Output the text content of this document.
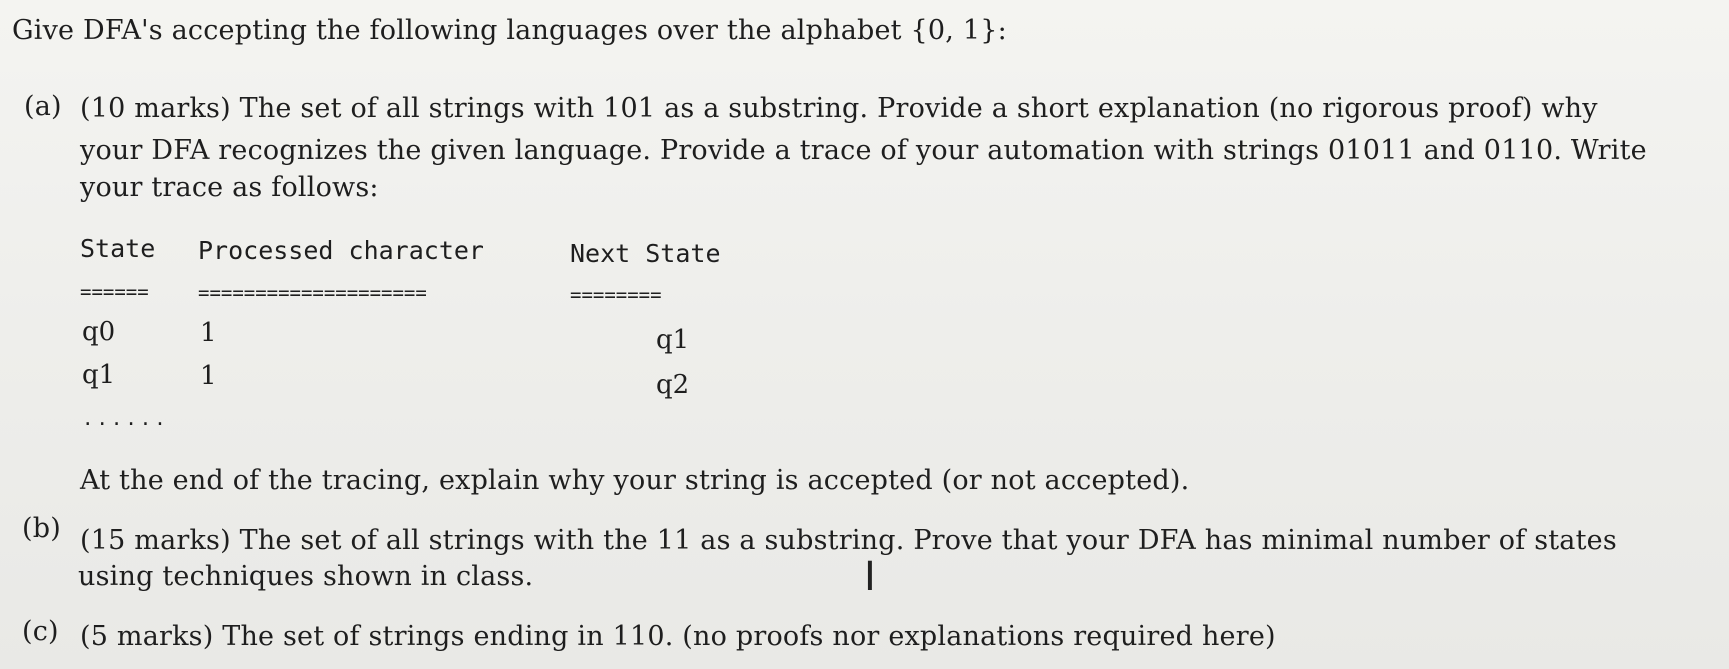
Give DFA's accepting the following languages over the alphabet {0, 1}:
(a) (10 marks) The set of all strings with 101 as a substring. Provide a short explanation (no rigorous proof) why
your DFA recognizes the given language. Provide a trace of your automation with strings 01011 and 0110. Write
your trace as follows:
State Processed character	Next State
======	====================	========
q0	1	q1
q1	1	q2
......
At the end of the tracing, explain why your string is accepted (or not accepted).
(b) (15 marks) The set of all strings with the 11 as a substring. Prove that your DFA has minimal number of states
using techniques shown in class.
(c) (5 marks) The set of strings ending in 110. (no proofs nor explanations required here)
I
